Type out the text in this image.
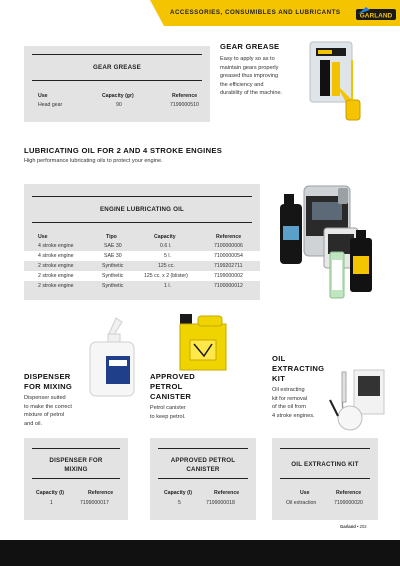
ACCESSORIES, CONSUMIBLES AND LUBRICANTS	GARLAND
GEAR GREASE
Use	Capacity (gr)	Reference
Head gear	90	7199000510
GEAR GREASE
Easy to apply so as to
maintain gears properly
greased thus improving
the efficiency and
durability of the machine.
LUBRICATING OIL FOR 2 AND 4 STROKE ENGINES
High performance lubricating oils to protect your engine.
ENGINE LUBRICATING OIL
Use	Tipo	Capacity	Reference
4 stroke engine	SAE 30	0.6 l.	7100000006
4 stroke engine	SAE 30	5 l.	7100000054
2 stroke engine	Synthetic	125 cc.	7199202711
2 stroke engine	Synthetic	125 cc. x 2 (blister)	7199000002
2 stroke engine	Synthetic	1 l.	7100000012
DISPENSER
FOR MIXING
Dispenser suited
to make the correct
mixture of petrol
and oil.
APPROVED
PETROL
CANISTER
Petrol canister
to keep petrol.
OIL
EXTRACTING
KIT
Oil extracting
kit for removal
of the oil from
4 stroke engines.
DISPENSER FOR
MIXING
Capacity (l)	Reference
1	7199000017
APPROVED PETROL
CANISTER
Capacity (l)	Reference
5	7199000018
OIL EXTRACTING KIT
Use	Reference
Oil extraction	7199000020
Garland • 202
